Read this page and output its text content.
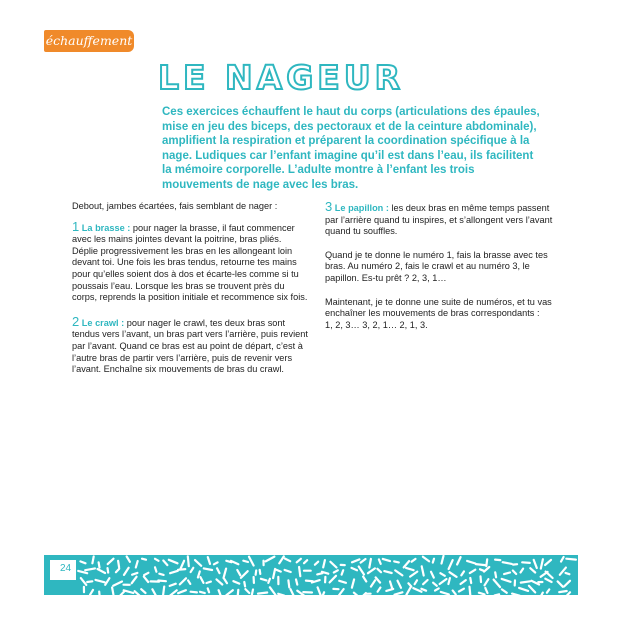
échauffement
LE NAGEUR

Ces exercices échauffent le haut du corps (articulations des épaules, mise en jeu des biceps, des pectoraux et de la ceinture abdominale), amplifient la respiration et préparent la coordination spécifique à la nage. Ludiques car l’enfant imagine qu’il est dans l’eau, ils facilitent la mémoire corporelle. L’adulte montre à l’enfant les trois mouvements de nage avec les bras.

Debout, jambes écartées, fais semblant de nager :

1 La brasse : pour nager la brasse, il faut commencer avec les mains jointes devant la poitrine, bras pliés. Déplie progressivement les bras en les allongeant loin devant toi. Une fois les bras tendus, retourne tes mains pour qu’elles soient dos à dos et écarte-les comme si tu poussais l’eau. Lorsque les bras se trouvent près du corps, reprends la position initiale et recommence six fois.

2 Le crawl : pour nager le crawl, tes deux bras sont tendus vers l’avant, un bras part vers l’arrière, puis revient par l’avant. Quand ce bras est au point de départ, c’est à l’autre bras de partir vers l’arrière, puis de revenir vers l’avant. Enchaîne six mouvements de bras du crawl.

3 Le papillon : les deux bras en même temps passent par l’arrière quand tu inspires, et s’allongent vers l’avant quand tu souffles.

Quand je te donne le numéro 1, fais la brasse avec tes bras. Au numéro 2, fais le crawl et au numéro 3, le papillon. Es-tu prêt ? 2, 3, 1…

Maintenant, je te donne une suite de numéros, et tu vas enchaîner les mouvements de bras correspondants :

1, 2, 3… 3, 2, 1… 2, 1, 3.

24
